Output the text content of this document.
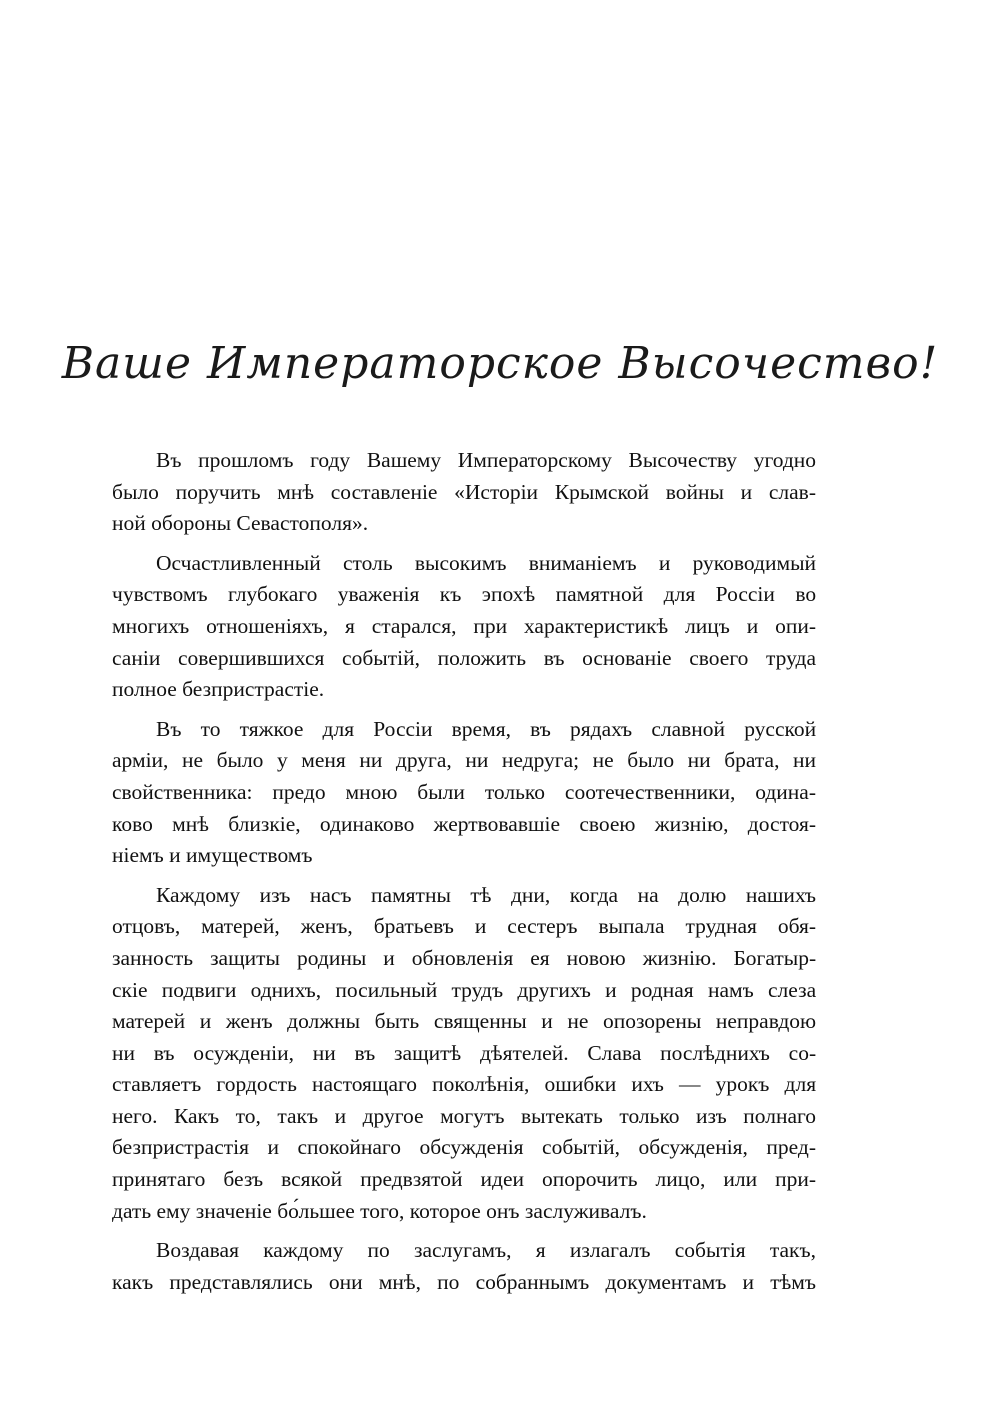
Ваше Императорское Высочество!
Въ прошломъ году Вашему Императорскому Высочеству угодно
было поручить мнѣ составленіе «Исторіи Крымской войны и слав-
ной обороны Севастополя».
Осчастливленный столь высокимъ вниманіемъ и руководимый
чувствомъ глубокаго уваженія къ эпохѣ памятной для Россіи во
многихъ отношеніяхъ, я старался, при характеристикѣ лицъ и опи-
саніи совершившихся событій, положить въ основаніе своего труда
полное безпристрастіе.
Въ то тяжкое для Россіи время, въ рядахъ славной русской
арміи, не было у меня ни друга, ни недруга; не было ни брата, ни
свойственника: предо мною были только соотечественники, одина-
ково мнѣ близкіе, одинаково жертвовавшіе своею жизнію, достоя-
ніемъ и имуществомъ
Каждому изъ насъ памятны тѣ дни, когда на долю нашихъ
отцовъ, матерей, женъ, братьевъ и сестеръ выпала трудная обя-
занность защиты родины и обновленія ея новою жизнію. Богатыр-
скіе подвиги однихъ, посильный трудъ другихъ и родная намъ слеза
матерей и женъ должны быть священны и не опозорены неправдою
ни въ осужденіи, ни въ защитѣ дѣятелей. Слава послѣднихъ со-
ставляетъ гордость настоящаго поколѣнія, ошибки ихъ — урокъ для
него. Какъ то, такъ и другое могутъ вытекать только изъ полнаго
безпристрастія и спокойнаго обсужденія событій, обсужденія, пред-
принятаго безъ всякой предвзятой идеи опорочить лицо, или при-
дать ему значеніе бо́льшее того, которое онъ заслуживалъ.
Воздавая каждому по заслугамъ, я излагалъ событія такъ,
какъ представлялись они мнѣ, по собраннымъ документамъ и тѣмъ
